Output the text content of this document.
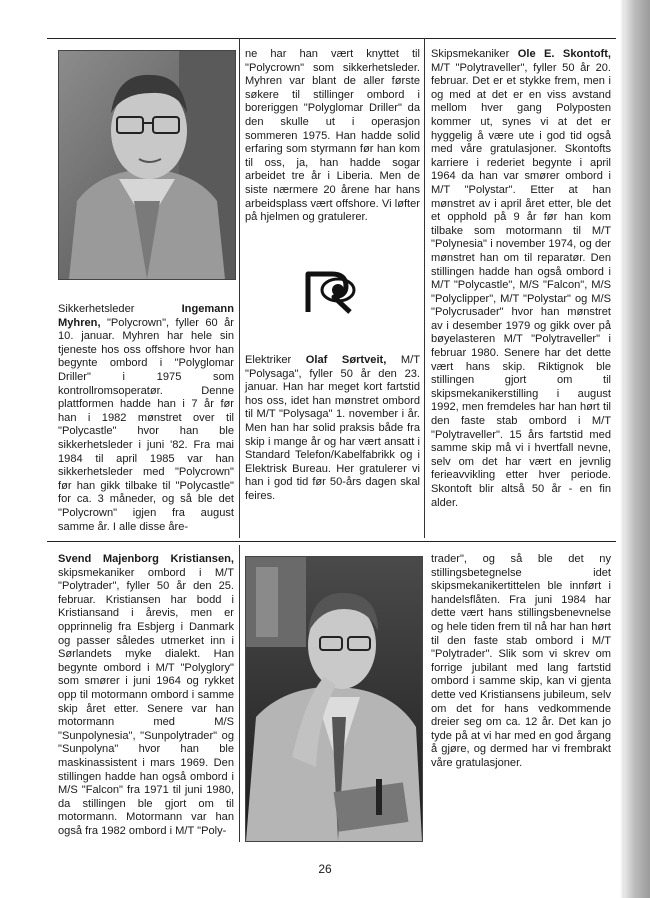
Sikkerhetsleder	Ingemann Myhren, "Polycrown", fyller 60 år 10. januar. Myhren har hele sin tjeneste hos oss offshore hvor han begynte ombord i "Polyglomar Driller" i 1975 som kontrollromsoperatør. Denne plattformen hadde han i 7 år før han i 1982 mønstret over til "Polycastle" hvor han ble sikkerhetsleder i juni '82. Fra mai 1984 til april 1985 var han sikkerhetsleder med "Polycrown" før han gikk tilbake til "Polycastle" for ca. 3 måneder, og så ble det "Polycrown" igjen fra august samme år. I alle disse åre-
ne har han vært knyttet til "Polycrown" som sikkerhetsleder. Myhren var blant de aller første søkere til stillinger ombord i boreriggen "Polyglomar Driller" da den skulle ut i operasjon sommeren 1975. Han hadde solid erfaring som styrmann før han kom til oss, ja, han hadde sogar arbeidet tre år i Liberia. Men de siste nærmere 20 årene har hans arbeidsplass vært offshore. Vi løfter på hjelmen og gratulerer.
Elektriker Olaf Sørtveit, M/T "Polysaga", fyller 50 år den 23. januar. Han har meget kort fartstid hos oss, idet han mønstret ombord til M/T "Polysaga" 1. november i år. Men han har solid praksis både fra skip i mange år og har vært ansatt i Standard Telefon/Kabelfabrikk og i Elektrisk Bureau. Her gratulerer vi han i god tid før 50-års dagen skal feires.
Skipsmekaniker Ole E. Skontoft, M/T "Polytraveller", fyller 50 år 20. februar. Det er et stykke frem, men i og med at det er en viss avstand mellom hver gang Polyposten kommer ut, synes vi at det er hyggelig å være ute i god tid også med våre gratulasjoner. Skontofts karriere i rederiet begynte i april 1964 da han var smører ombord i M/T "Polystar". Etter at han mønstret av i april året etter, ble det et opphold på 9 år før han kom tilbake som motormann til M/T "Polynesia" i november 1974, og der mønstret han om til reparatør. Den stillingen hadde han også ombord i M/T "Polycastle", M/S "Falcon", M/S "Polyclipper", M/T "Polystar" og M/S "Polycrusader" hvor han mønstret av i desember 1979 og gikk over på bøyelasteren M/T "Polytraveller" i februar 1980. Senere har det dette vært hans skip. Riktignok ble stillingen gjort om til skipsmekanikerstilling i august 1992, men fremdeles har han hørt til den faste stab ombord i M/T "Polytraveller". 15 års fartstid med samme skip må vi i hvertfall nevne, selv om det har vært en jevnlig ferieavvikling etter hver periode. Skontoft blir altså 50 år - en fin alder.
Svend Majenborg Kristiansen, skipsmekaniker ombord i M/T "Polytrader", fyller 50 år den 25. februar. Kristiansen har bodd i Kristiansand i årevis, men er opprinnelig fra Esbjerg i Danmark og passer således utmerket inn i Sørlandets myke dialekt. Han begynte ombord i M/T "Polyglory" som smører i juni 1964 og rykket opp til motormann ombord i samme skip året etter. Senere var han motormann med M/S "Sunpolynesia", "Sunpolytrader" og "Sunpolyna" hvor han ble maskinassistent i mars 1969. Den stillingen hadde han også ombord i M/S "Falcon" fra 1971 til juni 1980, da stillingen ble gjort om til motormann. Motormann var han også fra 1982 ombord i M/T "Poly-
trader", og så ble det ny stillingsbetegnelse idet skipsmekanikertittelen ble innført i handelsflåten. Fra juni 1984 har dette vært hans stillingsbenevnelse og hele tiden frem til nå har han hørt til den faste stab ombord i M/T "Polytrader". Slik som vi skrev om forrige jubilant med lang fartstid ombord i samme skip, kan vi gjenta dette ved Kristiansens jubileum, selv om det for hans vedkommende dreier seg om ca. 12 år. Det kan jo tyde på at vi har med en god årgang å gjøre, og dermed har vi frembrakt våre gratulasjoner.
26
